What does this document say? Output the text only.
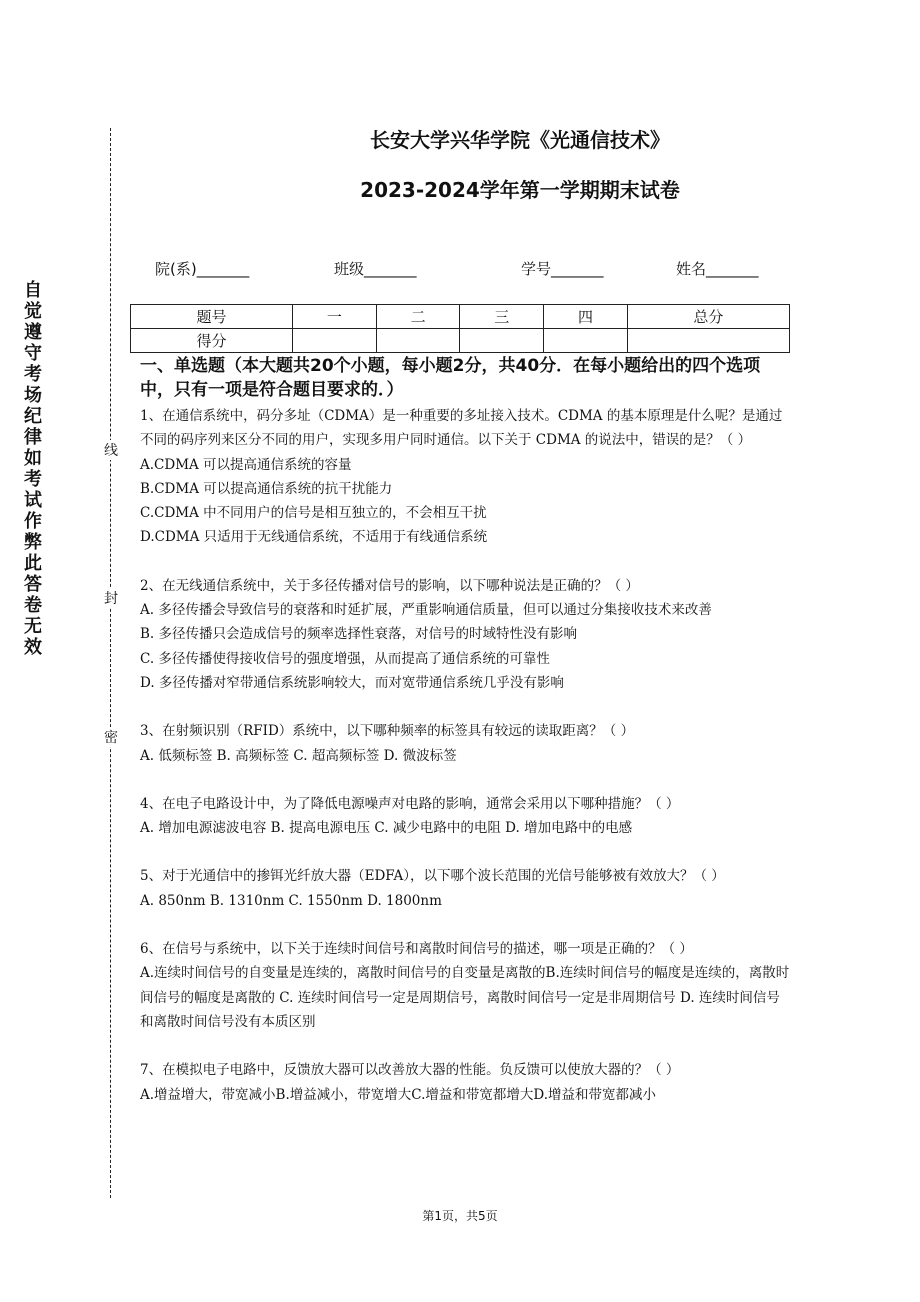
自觉遵守考场纪律如考试作弊此答卷无效
线
封
密
长安大学兴华学院《光通信技术》
2023-2024学年第一学期期末试卷
院(系)_______	班级_______	学号_______	姓名_______
题号	一	二	三	四	总分
得分					
一、单选题（本大题共20个小题，每小题2分，共40分．在每小题给出的四个选项中，只有一项是符合题目要求的．）

1、在通信系统中，码分多址（CDMA）是一种重要的多址接入技术。CDMA 的基本原理是什么呢？是通过不同的码序列来区分不同的用户，实现多用户同时通信。以下关于 CDMA 的说法中，错误的是？（ ）

A.CDMA 可以提高通信系统的容量

B.CDMA 可以提高通信系统的抗干扰能力

C.CDMA 中不同用户的信号是相互独立的，不会相互干扰

D.CDMA 只适用于无线通信系统，不适用于有线通信系统

2、在无线通信系统中，关于多径传播对信号的影响，以下哪种说法是正确的？（ ）

A. 多径传播会导致信号的衰落和时延扩展，严重影响通信质量，但可以通过分集接收技术来改善

B. 多径传播只会造成信号的频率选择性衰落，对信号的时域特性没有影响

C. 多径传播使得接收信号的强度增强，从而提高了通信系统的可靠性

D. 多径传播对窄带通信系统影响较大，而对宽带通信系统几乎没有影响

3、在射频识别（RFID）系统中，以下哪种频率的标签具有较远的读取距离？（ ）

A. 低频标签 B. 高频标签 C. 超高频标签 D. 微波标签

4、在电子电路设计中，为了降低电源噪声对电路的影响，通常会采用以下哪种措施？（ ）

A. 增加电源滤波电容 B. 提高电源电压 C. 减少电路中的电阻 D. 增加电路中的电感

5、对于光通信中的掺铒光纤放大器（EDFA），以下哪个波长范围的光信号能够被有效放大？（ ）

A. 850nm B. 1310nm C. 1550nm D. 1800nm

6、在信号与系统中，以下关于连续时间信号和离散时间信号的描述，哪一项是正确的？（ ）

A.连续时间信号的自变量是连续的，离散时间信号的自变量是离散的B.连续时间信号的幅度是连续的，离散时间信号的幅度是离散的 C. 连续时间信号一定是周期信号，离散时间信号一定是非周期信号 D. 连续时间信号和离散时间信号没有本质区别

7、在模拟电子电路中，反馈放大器可以改善放大器的性能。负反馈可以使放大器的？（ ）

A.增益增大，带宽减小B.增益减小，带宽增大C.增益和带宽都增大D.增益和带宽都减小

第1页，共5页
